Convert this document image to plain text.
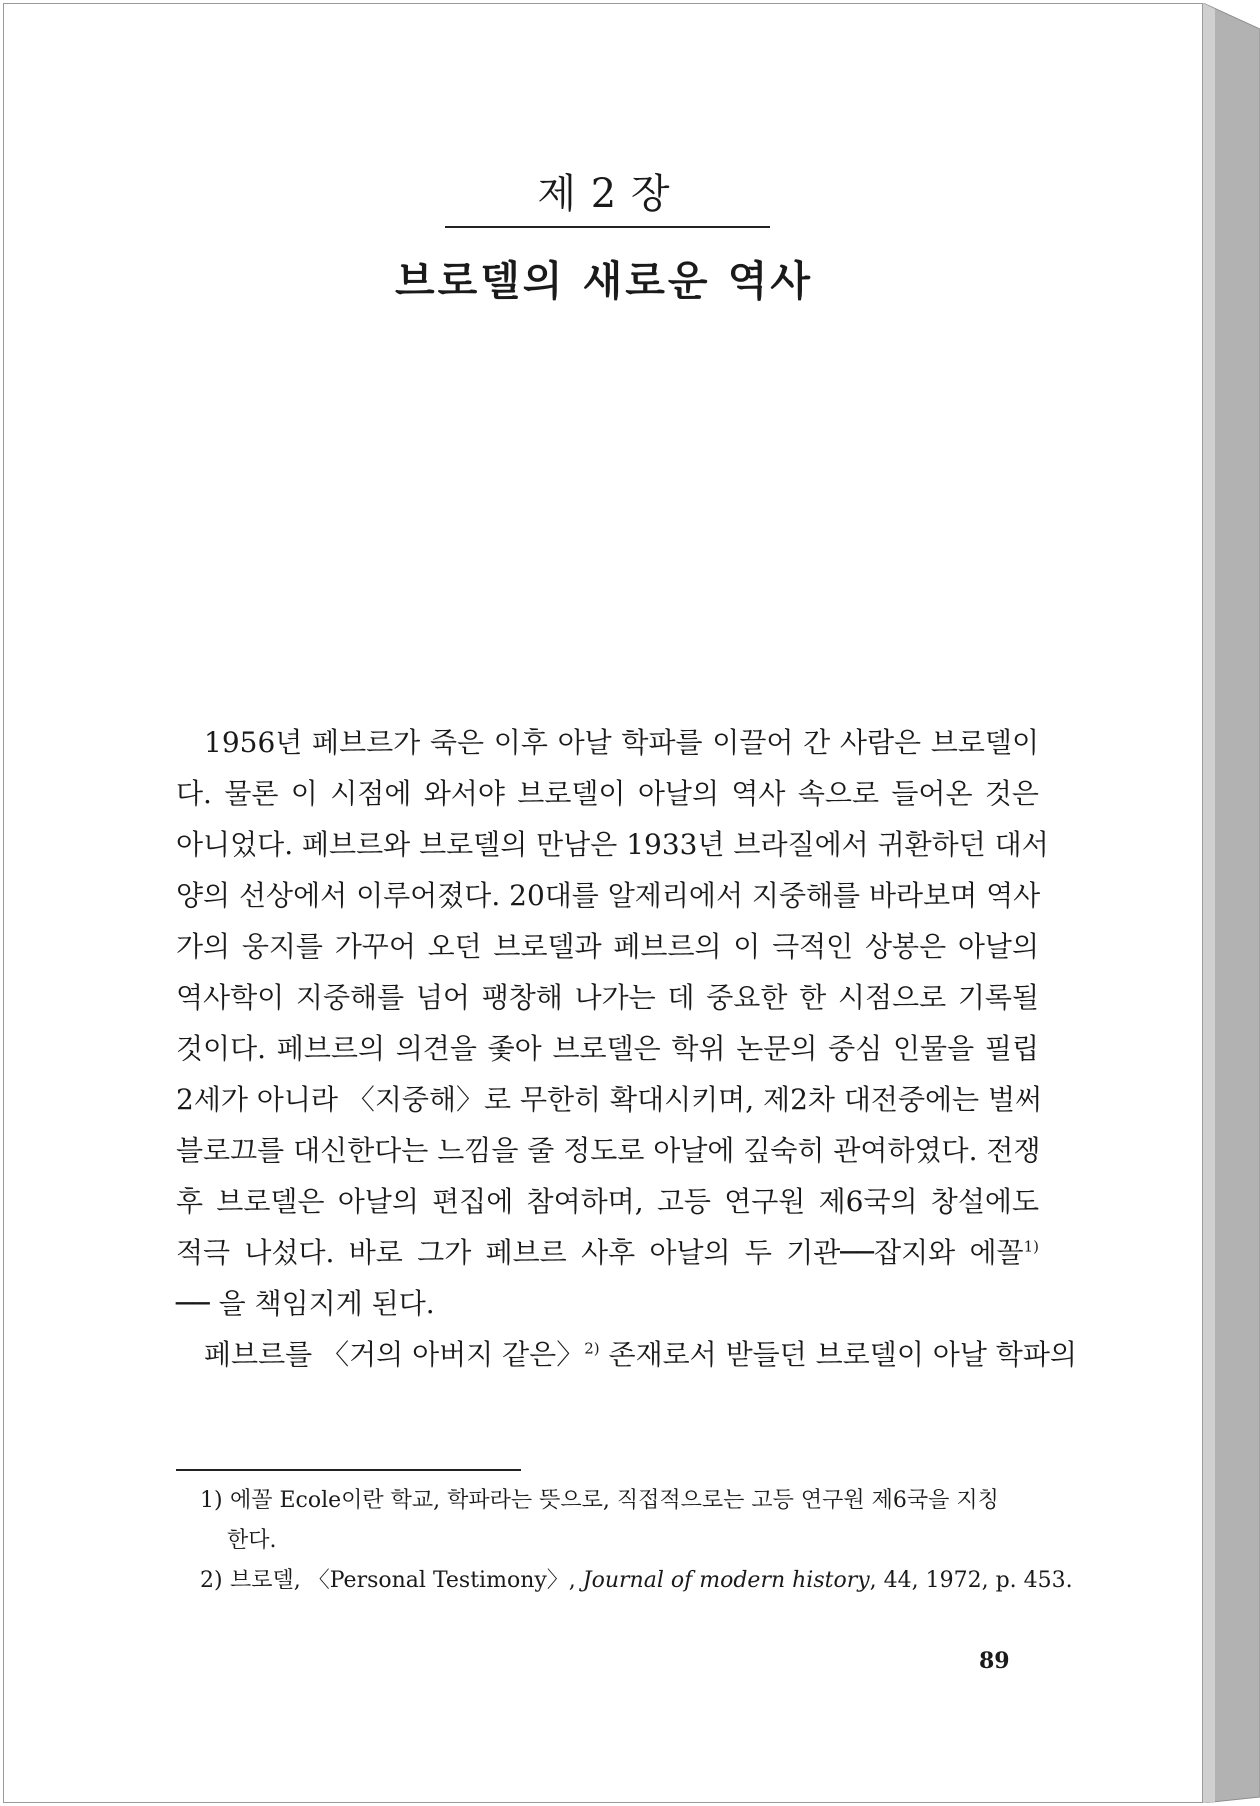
제 2 장
브로델의 새로운 역사
1956년 페브르가 죽은 이후 아날 학파를 이끌어 간 사람은 브로델이
다. 물론 이 시점에 와서야 브로델이 아날의 역사 속으로 들어온 것은
아니었다. 페브르와 브로델의 만남은 1933년 브라질에서 귀환하던 대서
양의 선상에서 이루어졌다. 20대를 알제리에서 지중해를 바라보며 역사
가의 웅지를 가꾸어 오던 브로델과 페브르의 이 극적인 상봉은 아날의
역사학이 지중해를 넘어 팽창해 나가는 데 중요한 한 시점으로 기록될
것이다. 페브르의 의견을 좇아 브로델은 학위 논문의 중심 인물을 필립
2세가 아니라 〈지중해〉로 무한히 확대시키며, 제2차 대전중에는 벌써
블로끄를 대신한다는 느낌을 줄 정도로 아날에 깊숙히 관여하였다. 전쟁
후 브로델은 아날의 편집에 참여하며, 고등 연구원 제6국의 창설에도
적극 나섰다. 바로 그가 페브르 사후 아날의 두 기관──잡지와 에꼴$^{1)}$
── 을 책임지게 된다.
페브르를 〈거의 아버지 같은〉$^{2)}$ 존재로서 받들던 브로델이 아날 학파의
1) 에꼴 Ecole이란 학교, 학파라는 뜻으로, 직접적으로는 고등 연구원 제6국을 지칭
한다.
2) 브로델, 〈Personal Testimony〉, Journal of modern history, 44, 1972, p. 453.
89
